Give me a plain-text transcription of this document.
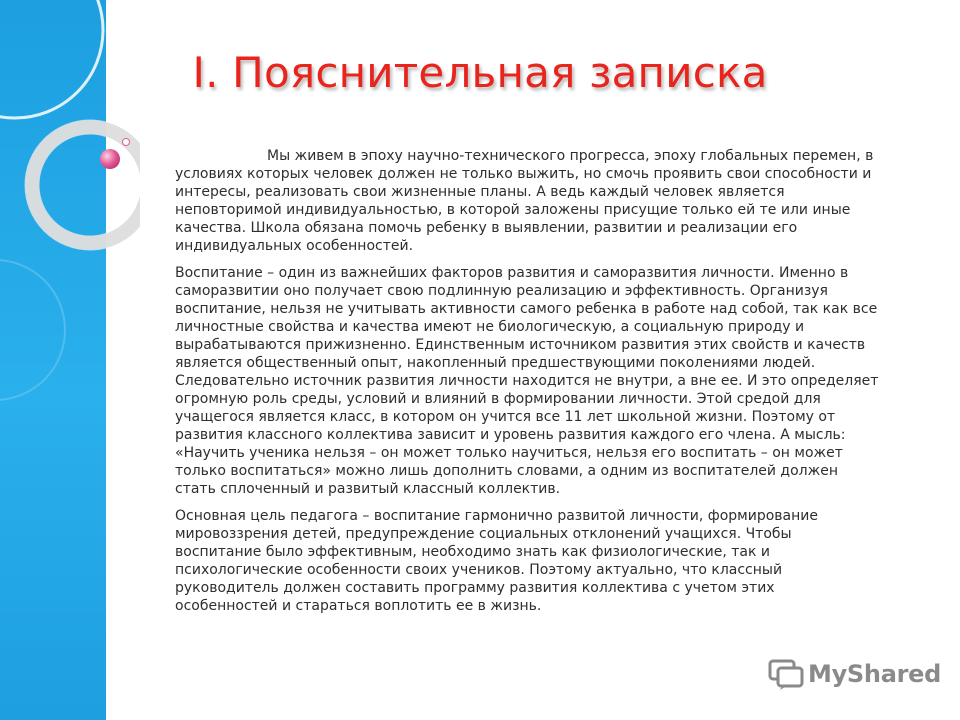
I. Пояснительная записка

Мы живем в эпоху научно-технического прогресса, эпоху глобальных перемен, в условиях которых человек должен не только выжить, но смочь проявить свои способности и интересы, реализовать свои жизненные планы. А ведь каждый человек является неповторимой индивидуальностью, в которой заложены присущие только ей те или иные качества. Школа обязана помочь ребенку в выявлении, развитии и реализации его индивидуальных особенностей.

Воспитание – один из важнейших факторов развития и саморазвития личности. Именно в саморазвитии оно получает свою подлинную реализацию и эффективность. Организуя воспитание, нельзя не учитывать активности самого ребенка в работе над собой, так как все личностные свойства и качества имеют не биологическую, а социальную природу и вырабатываются прижизненно. Единственным источником развития этих свойств и качеств является общественный опыт, накопленный предшествующими поколениями людей. Следовательно источник развития личности находится не внутри, а вне ее. И это определяет огромную роль среды, условий и влияний в формировании личности. Этой средой для учащегося является класс, в котором он учится все 11 лет школьной жизни. Поэтому от развития классного коллектива зависит и уровень развития каждого его члена. А мысль: «Научить ученика нельзя – он может только научиться, нельзя его воспитать – он может только воспитаться» можно лишь дополнить словами, а одним из воспитателей должен стать сплоченный и развитый классный коллектив.

Основная цель педагога – воспитание гармонично развитой личности, формирование мировоззрения детей, предупреждение социальных отклонений учащихся. Чтобы воспитание было эффективным, необходимо знать как физиологические, так и психологические особенности своих учеников. Поэтому актуально, что классный руководитель должен составить программу развития коллектива с учетом этих особенностей и стараться воплотить ее в жизнь.

MyShared
